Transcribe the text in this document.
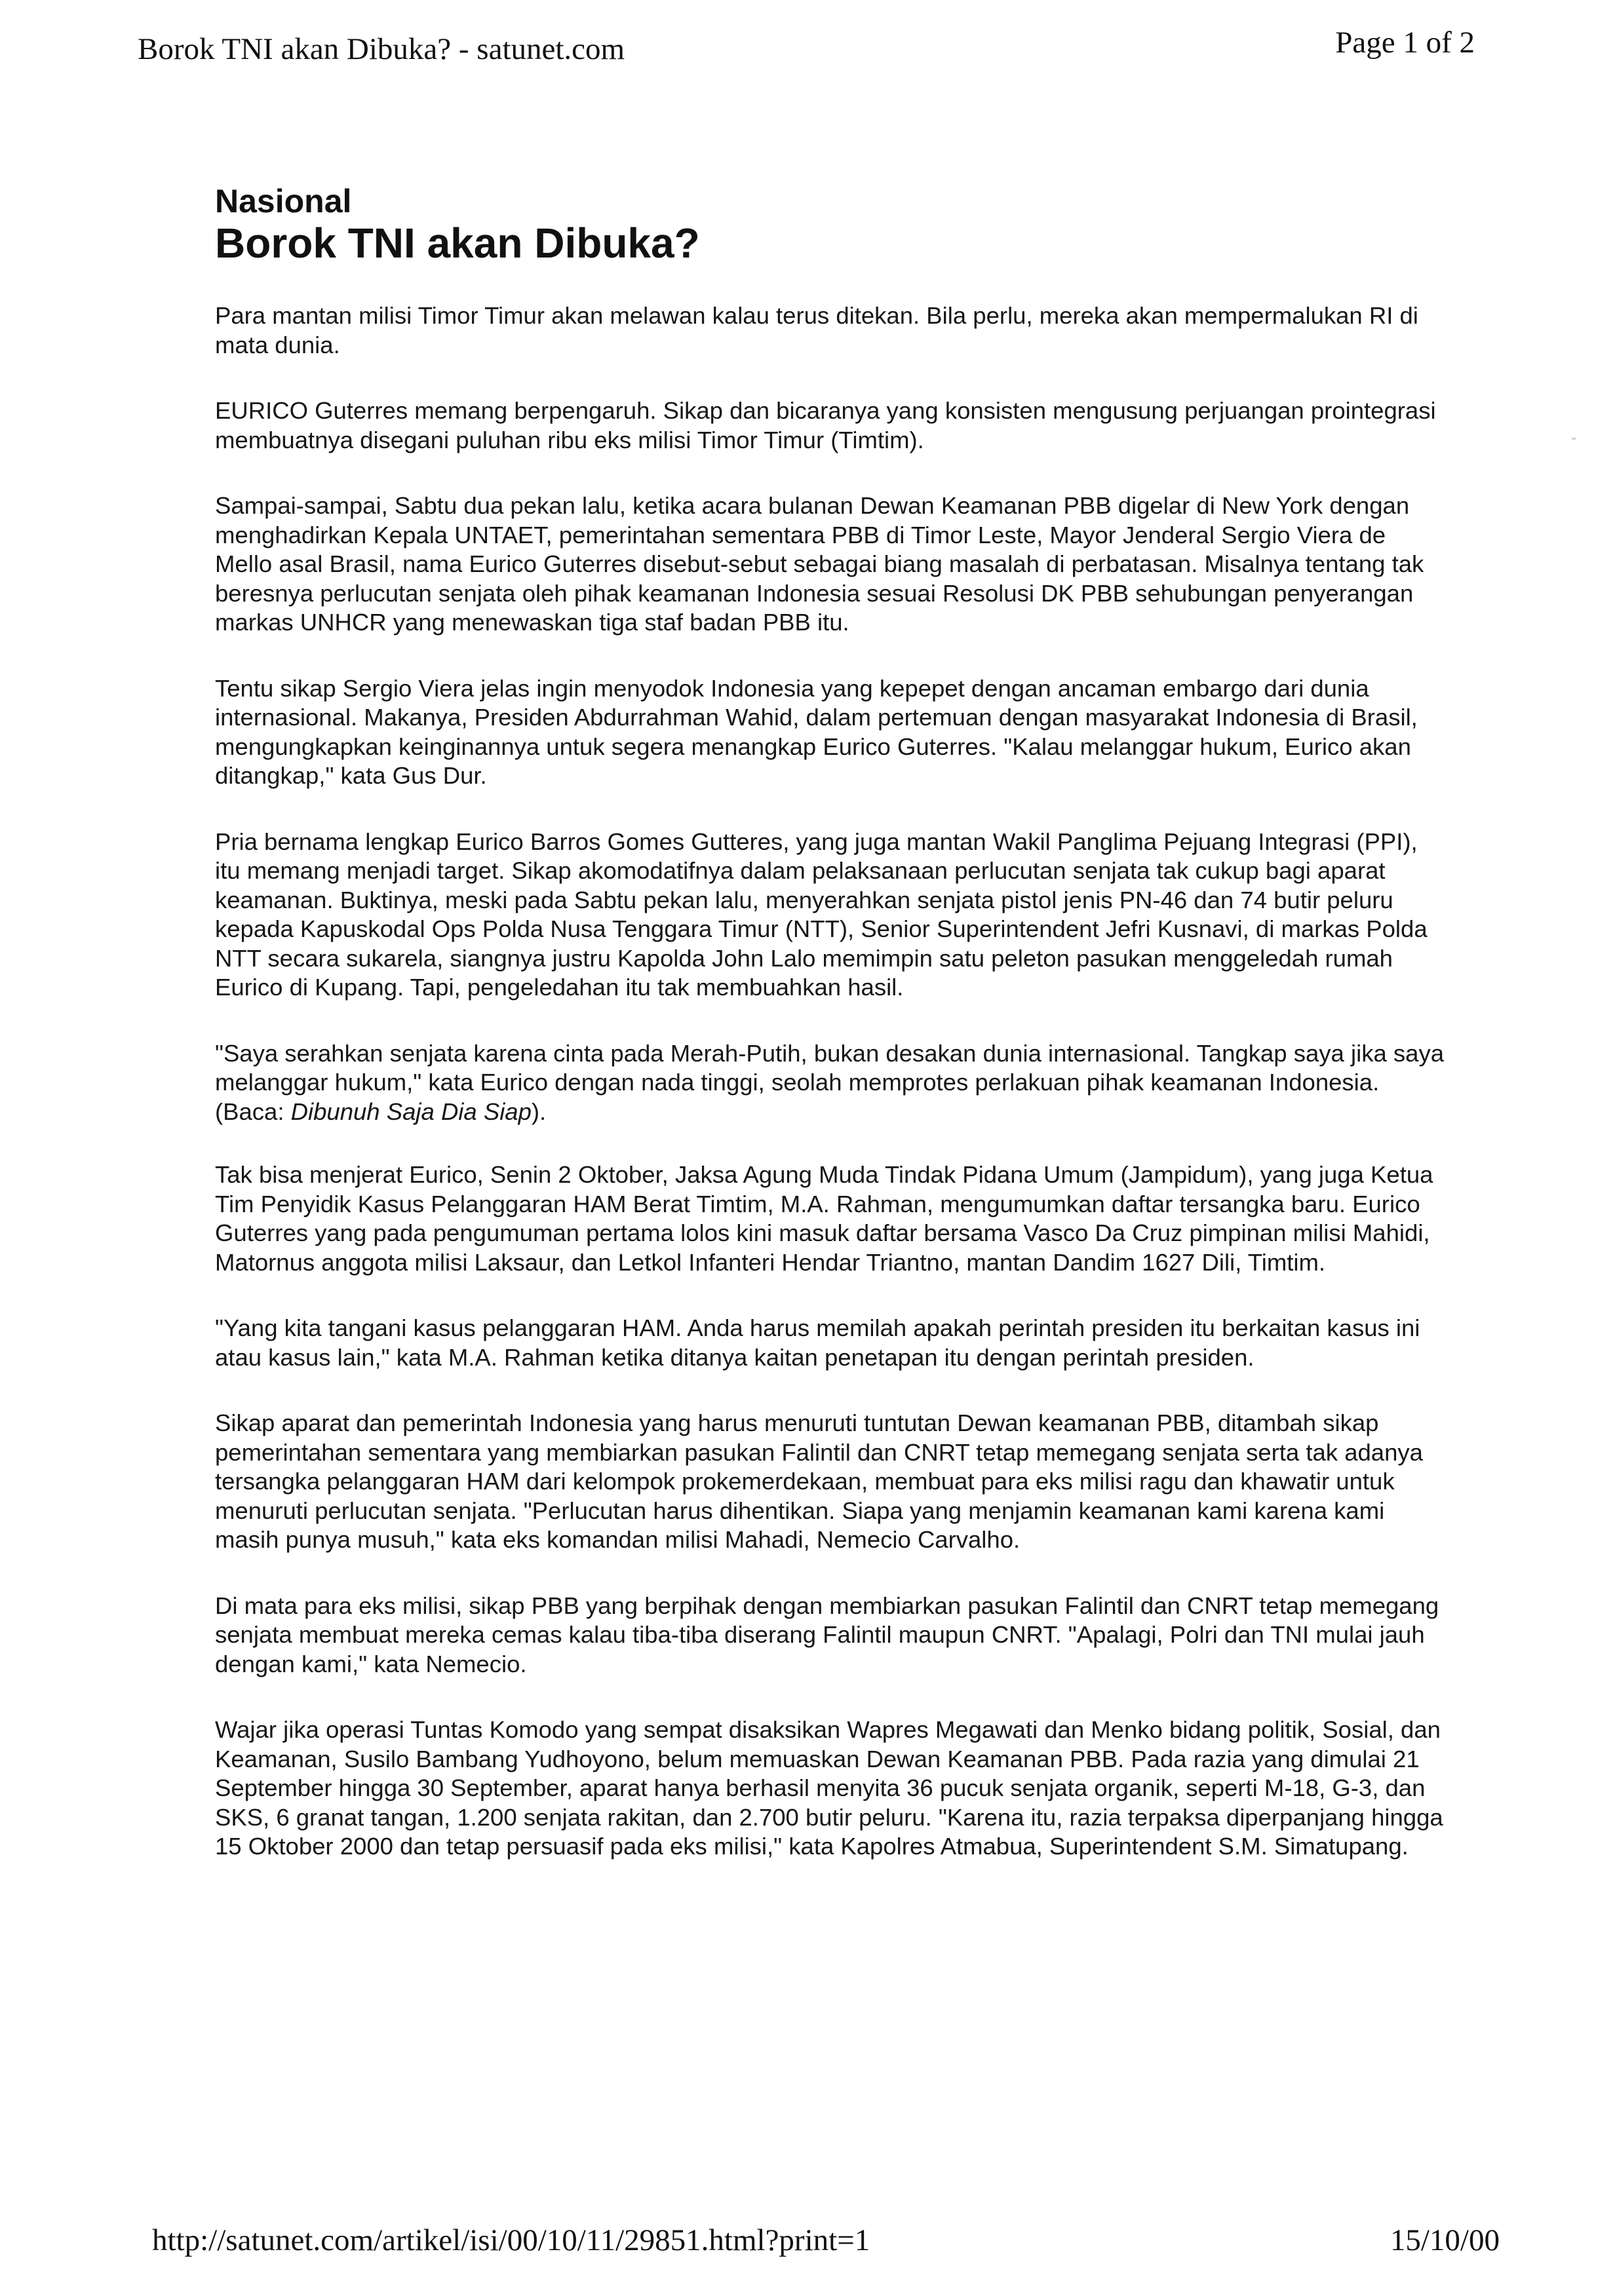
Borok TNI akan Dibuka? - satunet.com	Page 1 of 2
Nasional
Borok TNI akan Dibuka?

Para mantan milisi Timor Timur akan melawan kalau terus ditekan. Bila perlu, mereka akan mempermalukan RI di mata dunia.

EURICO Guterres memang berpengaruh. Sikap dan bicaranya yang konsisten mengusung perjuangan prointegrasi membuatnya disegani puluhan ribu eks milisi Timor Timur (Timtim).

Sampai-sampai, Sabtu dua pekan lalu, ketika acara bulanan Dewan Keamanan PBB digelar di New York dengan menghadirkan Kepala UNTAET, pemerintahan sementara PBB di Timor Leste, Mayor Jenderal Sergio Viera de Mello asal Brasil, nama Eurico Guterres disebut-sebut sebagai biang masalah di perbatasan. Misalnya tentang tak beresnya perlucutan senjata oleh pihak keamanan Indonesia sesuai Resolusi DK PBB sehubungan penyerangan markas UNHCR yang menewaskan tiga staf badan PBB itu.

Tentu sikap Sergio Viera jelas ingin menyodok Indonesia yang kepepet dengan ancaman embargo dari dunia internasional. Makanya, Presiden Abdurrahman Wahid, dalam pertemuan dengan masyarakat Indonesia di Brasil, mengungkapkan keinginannya untuk segera menangkap Eurico Guterres. "Kalau melanggar hukum, Eurico akan ditangkap," kata Gus Dur.

Pria bernama lengkap Eurico Barros Gomes Gutteres, yang juga mantan Wakil Panglima Pejuang Integrasi (PPI), itu memang menjadi target. Sikap akomodatifnya dalam pelaksanaan perlucutan senjata tak cukup bagi aparat keamanan. Buktinya, meski pada Sabtu pekan lalu, menyerahkan senjata pistol jenis PN-46 dan 74 butir peluru kepada Kapuskodal Ops Polda Nusa Tenggara Timur (NTT), Senior Superintendent Jefri Kusnavi, di markas Polda NTT secara sukarela, siangnya justru Kapolda John Lalo memimpin satu peleton pasukan menggeledah rumah Eurico di Kupang. Tapi, pengeledahan itu tak membuahkan hasil.

"Saya serahkan senjata karena cinta pada Merah-Putih, bukan desakan dunia internasional. Tangkap saya jika saya melanggar hukum," kata Eurico dengan nada tinggi, seolah memprotes perlakuan pihak keamanan Indonesia. (Baca: Dibunuh Saja Dia Siap).

Tak bisa menjerat Eurico, Senin 2 Oktober, Jaksa Agung Muda Tindak Pidana Umum (Jampidum), yang juga Ketua Tim Penyidik Kasus Pelanggaran HAM Berat Timtim, M.A. Rahman, mengumumkan daftar tersangka baru. Eurico Guterres yang pada pengumuman pertama lolos kini masuk daftar bersama Vasco Da Cruz pimpinan milisi Mahidi, Matornus anggota milisi Laksaur, dan Letkol Infanteri Hendar Triantno, mantan Dandim 1627 Dili, Timtim.

"Yang kita tangani kasus pelanggaran HAM. Anda harus memilah apakah perintah presiden itu berkaitan kasus ini atau kasus lain," kata M.A. Rahman ketika ditanya kaitan penetapan itu dengan perintah presiden.

Sikap aparat dan pemerintah Indonesia yang harus menuruti tuntutan Dewan keamanan PBB, ditambah sikap pemerintahan sementara yang membiarkan pasukan Falintil dan CNRT tetap memegang senjata serta tak adanya tersangka pelanggaran HAM dari kelompok prokemerdekaan, membuat para eks milisi ragu dan khawatir untuk menuruti perlucutan senjata. "Perlucutan harus dihentikan. Siapa yang menjamin keamanan kami karena kami masih punya musuh," kata eks komandan milisi Mahadi, Nemecio Carvalho.

Di mata para eks milisi, sikap PBB yang berpihak dengan membiarkan pasukan Falintil dan CNRT tetap memegang senjata membuat mereka cemas kalau tiba-tiba diserang Falintil maupun CNRT. "Apalagi, Polri dan TNI mulai jauh dengan kami," kata Nemecio.

Wajar jika operasi Tuntas Komodo yang sempat disaksikan Wapres Megawati dan Menko bidang politik, Sosial, dan Keamanan, Susilo Bambang Yudhoyono, belum memuaskan Dewan Keamanan PBB. Pada razia yang dimulai 21 September hingga 30 September, aparat hanya berhasil menyita 36 pucuk senjata organik, seperti M-18, G-3, dan SKS, 6 granat tangan, 1.200 senjata rakitan, dan 2.700 butir peluru. "Karena itu, razia terpaksa diperpanjang hingga 15 Oktober 2000 dan tetap persuasif pada eks milisi," kata Kapolres Atmabua, Superintendent S.M. Simatupang.

http://satunet.com/artikel/isi/00/10/11/29851.html?print=1	15/10/00
